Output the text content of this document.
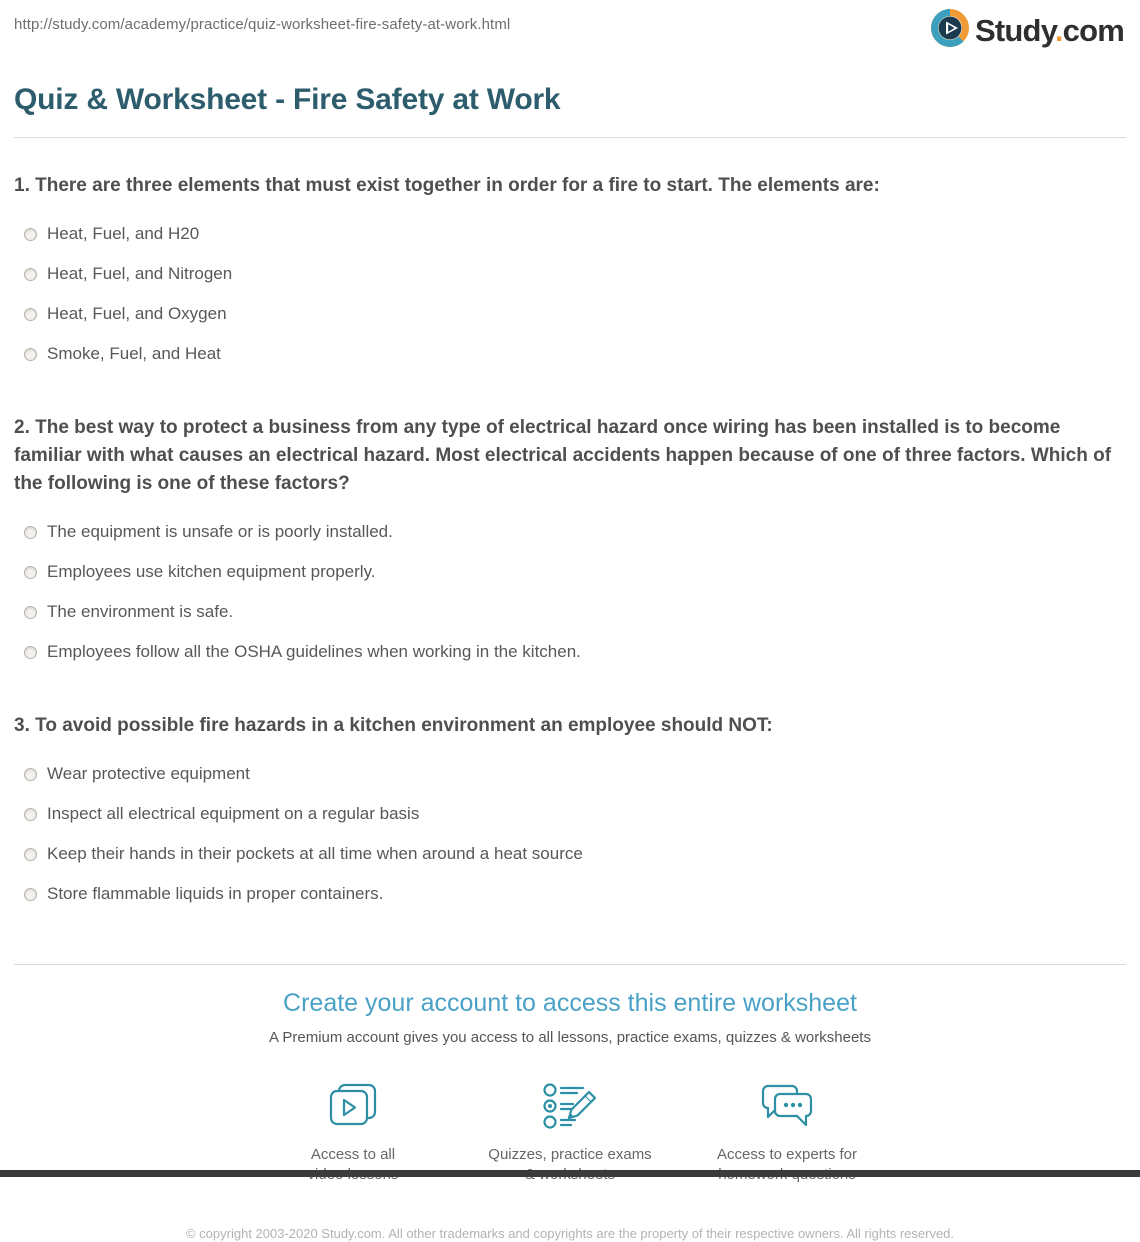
http://study.com/academy/practice/quiz-worksheet-fire-safety-at-work.html	Study.com
Quiz & Worksheet - Fire Safety at Work

1. There are three elements that must exist together in order for a fire to start. The elements are:

Heat, Fuel, and H20
Heat, Fuel, and Nitrogen
Heat, Fuel, and Oxygen
Smoke, Fuel, and Heat

2. The best way to protect a business from any type of electrical hazard once wiring has been installed is to become familiar with what causes an electrical hazard. Most electrical accidents happen because of one of three factors. Which of the following is one of these factors?

The equipment is unsafe or is poorly installed.
Employees use kitchen equipment properly.
The environment is safe.
Employees follow all the OSHA guidelines when working in the kitchen.

3. To avoid possible fire hazards in a kitchen environment an employee should NOT:

Wear protective equipment
Inspect all electrical equipment on a regular basis
Keep their hands in their pockets at all time when around a heat source
Store flammable liquids in proper containers.
Create your account to access this entire worksheet
A Premium account gives you access to all lessons, practice exams, quizzes & worksheets
Access to all	Quizzes, practice exams	Access to experts for
© copyright 2003-2020 Study.com. All other trademarks and copyrights are the property of their respective owners. All rights reserved.
